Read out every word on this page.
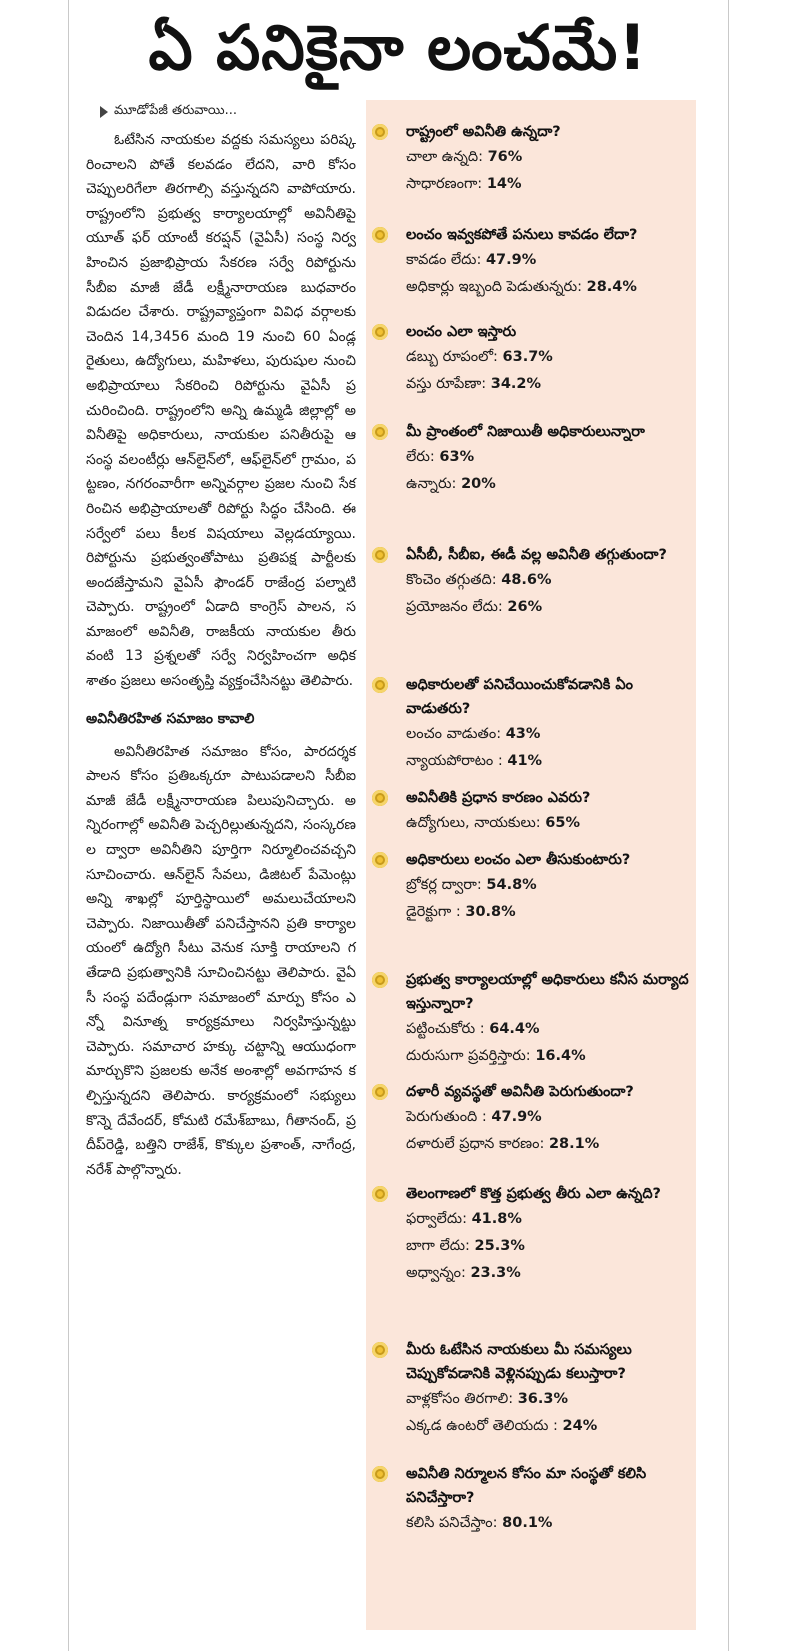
ఏ పనికైనా లంచమే!
మూడోపేజీ తరువాయి...

ఓటేసిన నాయకుల వద్దకు సమస్యలు పరిష్కరించాలని పోతే కలవడం లేదని, వారి కోసం చెప్పులరిగేలా తిరగాల్సి వస్తున్నదని వాపోయారు. రాష్ట్రంలోని ప్రభుత్వ కార్యాలయాల్లో అవినీతిపై యూత్ ఫర్ యాంటీ కరప్షన్ (వైఏసీ) సంస్థ నిర్వహించిన ప్రజాభిప్రాయ సేకరణ సర్వే రిపోర్టును సీబీఐ మాజీ జేడీ లక్ష్మీనారాయణ బుధవారం విడుదల చేశారు. రాష్ట్రవ్యాప్తంగా వివిధ వర్గాలకు చెందిన 14,3456 మంది 19 నుంచి 60 ఏండ్ల రైతులు, ఉద్యోగులు, మహిళలు, పురుషుల నుంచి అభిప్రాయాలు సేకరించి రిపోర్టును వైఏసీ ప్రచురించింది. రాష్ట్రంలోని అన్ని ఉమ్మడి జిల్లాల్లో అవినీతిపై అధికారులు, నాయకుల పనితీరుపై ఆ సంస్థ వలంటీర్లు ఆన్‌లైన్‌లో, ఆఫ్‌లైన్‌లో గ్రామం, పట్టణం, నగరంవారీగా అన్నివర్గాల ప్రజల నుంచి సేకరించిన అభిప్రాయాలతో రిపోర్టు సిద్ధం చేసింది. ఈ సర్వేలో పలు కీలక విషయాలు వెల్లడయ్యాయి. రిపోర్టును ప్రభుత్వంతోపాటు ప్రతిపక్ష పార్టీలకు అందజేస్తామని వైఏసీ ఫౌండర్ రాజేంద్ర పల్నాటి చెప్పారు. రాష్ట్రంలో ఏడాది కాంగ్రెస్ పాలన, సమాజంలో అవినీతి, రాజకీయ నాయకుల తీరు వంటి 13 ప్రశ్నలతో సర్వే నిర్వహించగా అధిక శాతం ప్రజలు అసంతృప్తి వ్యక్తంచేసినట్టు తెలిపారు.

అవినీతిరహిత సమాజం కావాలి

అవినీతిరహిత సమాజం కోసం, పారదర్శక పాలన కోసం ప్రతిఒక్కరూ పాటుపడాలని సీబీఐ మాజీ జేడీ లక్ష్మీనారాయణ పిలుపునిచ్చారు. అన్నిరంగాల్లో అవినీతి పెచ్చరిల్లుతున్నదని, సంస్కరణల ద్వారా అవినీతిని పూర్తిగా నిర్మూలించవచ్చని సూచించారు. ఆన్‌లైన్ సేవలు, డిజిటల్ పేమెంట్లు అన్ని శాఖల్లో పూర్తిస్థాయిలో అమలుచేయాలని చెప్పారు. నిజాయితీతో పనిచేస్తానని ప్రతి కార్యాలయంలో ఉద్యోగి సీటు వెనుక సూక్తి రాయాలని గతేడాది ప్రభుత్వానికి సూచించినట్టు తెలిపారు. వైఏసీ సంస్థ పదేండ్లుగా సమాజంలో మార్పు కోసం ఎన్నో వినూత్న కార్యక్రమాలు నిర్వహిస్తున్నట్టు చెప్పారు. సమాచార హక్కు చట్టాన్ని ఆయుధంగా మార్చుకొని ప్రజలకు అనేక అంశాల్లో అవగాహన కల్పిస్తున్నదని తెలిపారు. కార్యక్రమంలో సభ్యులు కొన్నె దేవేందర్, కోమటి రమేశ్‌బాబు, గీతానంద్, ప్రదీప్‌రెడ్డి, బత్తిని రాజేశ్, కొక్కుల ప్రశాంత్, నాగేంద్ర, నరేశ్ పాల్గొన్నారు.

రాష్ట్రంలో అవినీతి ఉన్నదా?
చాలా ఉన్నది: 76%
సాధారణంగా: 14%
లంచం ఇవ్వకపోతే పనులు కావడం లేదా?
కావడం లేదు: 47.9%
అధికార్లు ఇబ్బంది పెడుతున్నరు: 28.4%
లంచం ఎలా ఇస్తారు
డబ్బు రూపంలో: 63.7%
వస్తు రూపేణా: 34.2%
మీ ప్రాంతంలో నిజాయితీ అధికారులున్నారా
లేరు: 63%
ఉన్నారు: 20%
ఏసీబీ, సీబీఐ, ఈడీ వల్ల అవినీతి తగ్గుతుందా?
కొంచెం తగ్గుతది: 48.6%
ప్రయోజనం లేదు: 26%
అధికారులతో పనిచేయించుకోవడానికి ఏం వాడుతరు?
లంచం వాడుతం: 43%
న్యాయపోరాటం : 41%
అవినీతికి ప్రధాన కారణం ఎవరు?
ఉద్యోగులు, నాయకులు: 65%
అధికారులు లంచం ఎలా తీసుకుంటారు?
బ్రోకర్ల ద్వారా: 54.8%
డైరెక్టుగా : 30.8%
ప్రభుత్వ కార్యాలయాల్లో అధికారులు కనీస మర్యాద ఇస్తున్నారా?
పట్టించుకోరు : 64.4%
దురుసుగా ప్రవర్తిస్తారు: 16.4%
దళారీ వ్యవస్థతో అవినీతి పెరుగుతుందా?
పెరుగుతుంది : 47.9%
దళారులే ప్రధాన కారణం: 28.1%
తెలంగాణలో కొత్త ప్రభుత్వ తీరు ఎలా ఉన్నది?
ఫర్వాలేదు: 41.8%
బాగా లేదు: 25.3%
అధ్వాన్నం: 23.3%
మీరు ఓటేసిన నాయకులు మీ సమస్యలు చెప్పుకోవడానికి వెళ్లినప్పుడు కలుస్తారా?
వాళ్లకోసం తిరగాలి: 36.3%
ఎక్కడ ఉంటరో తెలియదు : 24%
అవినీతి నిర్మూలన కోసం మా సంస్థతో కలిసి పనిచేస్తారా?
కలిసి పనిచేస్తాం: 80.1%
